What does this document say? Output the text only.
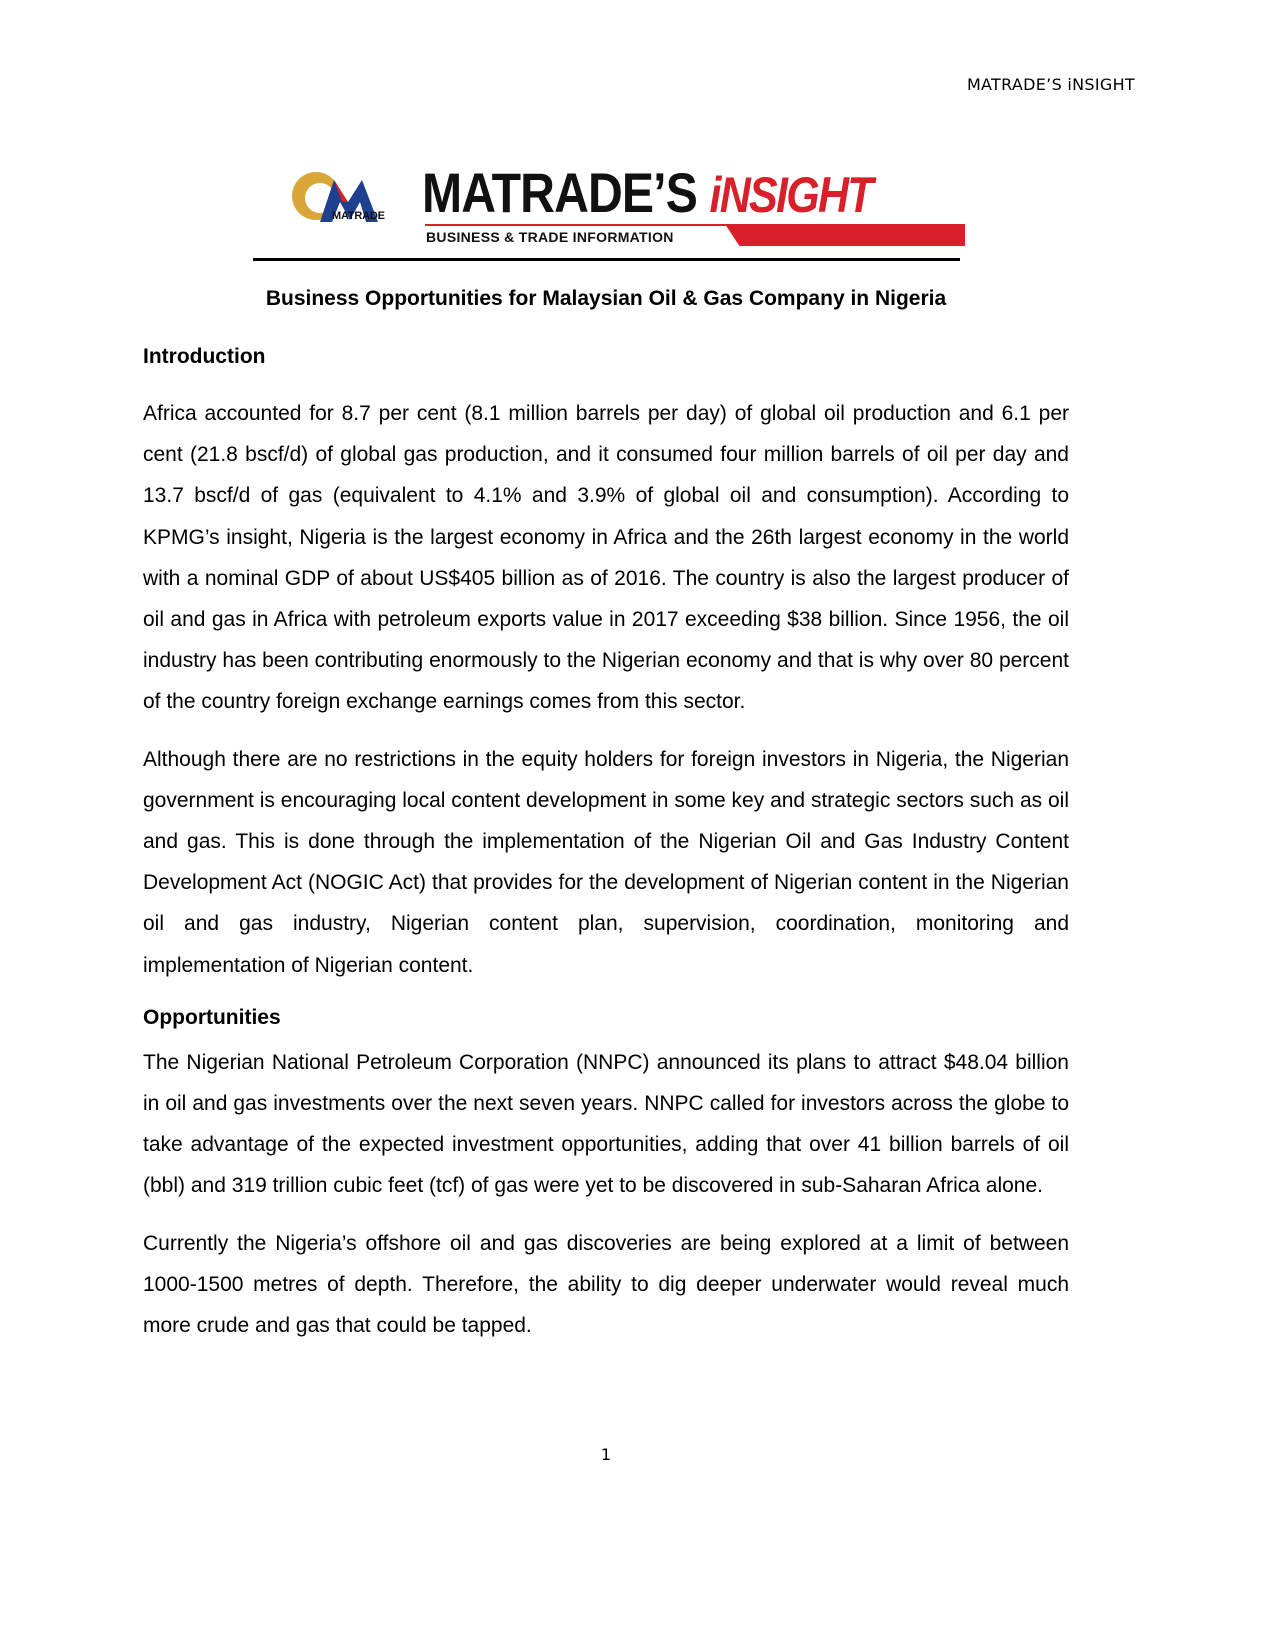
MATRADE’S iNSIGHT
MATRADE MATRADE’S iNSIGHT
BUSINESS & TRADE INFORMATION
Business Opportunities for Malaysian Oil & Gas Company in Nigeria
Introduction

Africa accounted for 8.7 per cent (8.1 million barrels per day) of global oil production and 6.1 per cent (21.8 bscf/d) of global gas production, and it consumed four million barrels of oil per day and 13.7 bscf/d of gas (equivalent to 4.1% and 3.9% of global oil and consumption). According to KPMG’s insight, Nigeria is the largest economy in Africa and the 26th largest economy in the world with a nominal GDP of about US$405 billion as of 2016. The country is also the largest producer of oil and gas in Africa with petroleum exports value in 2017 exceeding $38 billion. Since 1956, the oil industry has been contributing enormously to the Nigerian economy and that is why over 80 percent of the country foreign exchange earnings comes from this sector.

Although there are no restrictions in the equity holders for foreign investors in Nigeria, the Nigerian government is encouraging local content development in some key and strategic sectors such as oil and gas. This is done through the implementation of the Nigerian Oil and Gas Industry Content Development Act (NOGIC Act) that provides for the development of Nigerian content in the Nigerian oil and gas industry, Nigerian content plan, supervision, coordination, monitoring and implementation of Nigerian content.

Opportunities

The Nigerian National Petroleum Corporation (NNPC) announced its plans to attract $48.04 billion in oil and gas investments over the next seven years. NNPC called for investors across the globe to take advantage of the expected investment opportunities, adding that over 41 billion barrels of oil (bbl) and 319 trillion cubic feet (tcf) of gas were yet to be discovered in sub-Saharan Africa alone.

Currently the Nigeria’s offshore oil and gas discoveries are being explored at a limit of between 1000-1500 metres of depth. Therefore, the ability to dig deeper underwater would reveal much more crude and gas that could be tapped.

1
